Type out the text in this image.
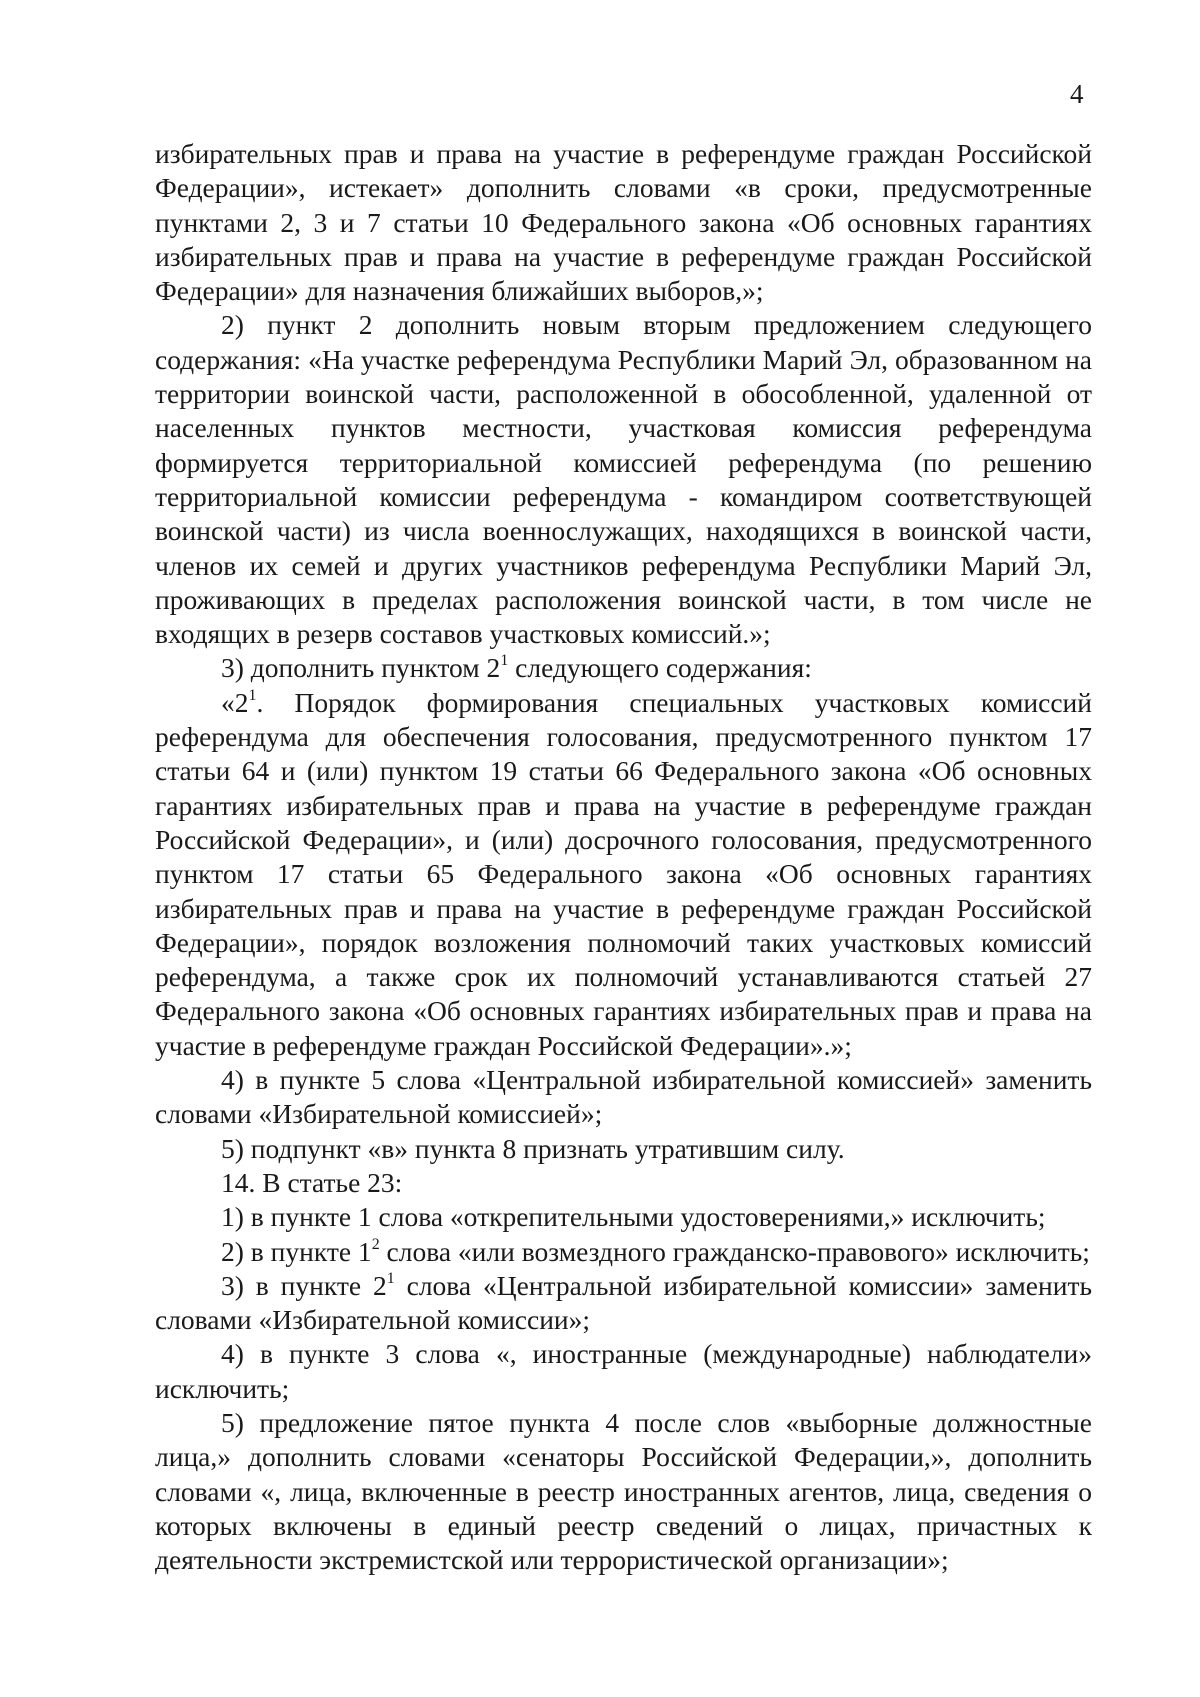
4

избирательных прав и права на участие в референдуме граждан Российской Федерации», истекает» дополнить словами «в сроки, предусмотренные пунктами 2, 3 и 7 статьи 10 Федерального закона «Об основных гарантиях избирательных прав и права на участие в референдуме граждан Российской Федерации» для назначения ближайших выборов,»;

2) пункт 2 дополнить новым вторым предложением следующего содержания: «На участке референдума Республики Марий Эл, образованном на территории воинской части, расположенной в обособленной, удаленной от населенных пунктов местности, участковая комиссия референдума формируется территориальной комиссией референдума (по решению территориальной комиссии референдума - командиром соответствующей воинской части) из числа военнослужащих, находящихся в воинской части, членов их семей и других участников референдума Республики Марий Эл, проживающих в пределах расположения воинской части, в том числе не входящих в резерв составов участковых комиссий.»;

3) дополнить пунктом $2^1$ следующего содержания:

«$2^1$. Порядок формирования специальных участковых комиссий референдума для обеспечения голосования, предусмотренного пунктом 17 статьи 64 и (или) пунктом 19 статьи 66 Федерального закона «Об основных гарантиях избирательных прав и права на участие в референдуме граждан Российской Федерации», и (или) досрочного голосования, предусмотренного пунктом 17 статьи 65 Федерального закона «Об основных гарантиях избирательных прав и права на участие в референдуме граждан Российской Федерации», порядок возложения полномочий таких участковых комиссий референдума, а также срок их полномочий устанавливаются статьей 27 Федерального закона «Об основных гарантиях избирательных прав и права на участие в референдуме граждан Российской Федерации».»;

4) в пункте 5 слова «Центральной избирательной комиссией» заменить словами «Избирательной комиссией»;

5) подпункт «в» пункта 8 признать утратившим силу.

14. В статье 23:

1) в пункте 1 слова «открепительными удостоверениями,» исключить;

2) в пункте $1^2$ слова «или возмездного гражданско-правового» исключить;

3) в пункте $2^1$ слова «Центральной избирательной комиссии» заменить словами «Избирательной комиссии»;

4) в пункте 3 слова «, иностранные (международные) наблюдатели» исключить;

5) предложение пятое пункта 4 после слов «выборные должностные лица,» дополнить словами «сенаторы Российской Федерации,», дополнить словами «, лица, включенные в реестр иностранных агентов, лица, сведения о которых включены в единый реестр сведений о лицах, причастных к деятельности экстремистской или террористической организации»;
